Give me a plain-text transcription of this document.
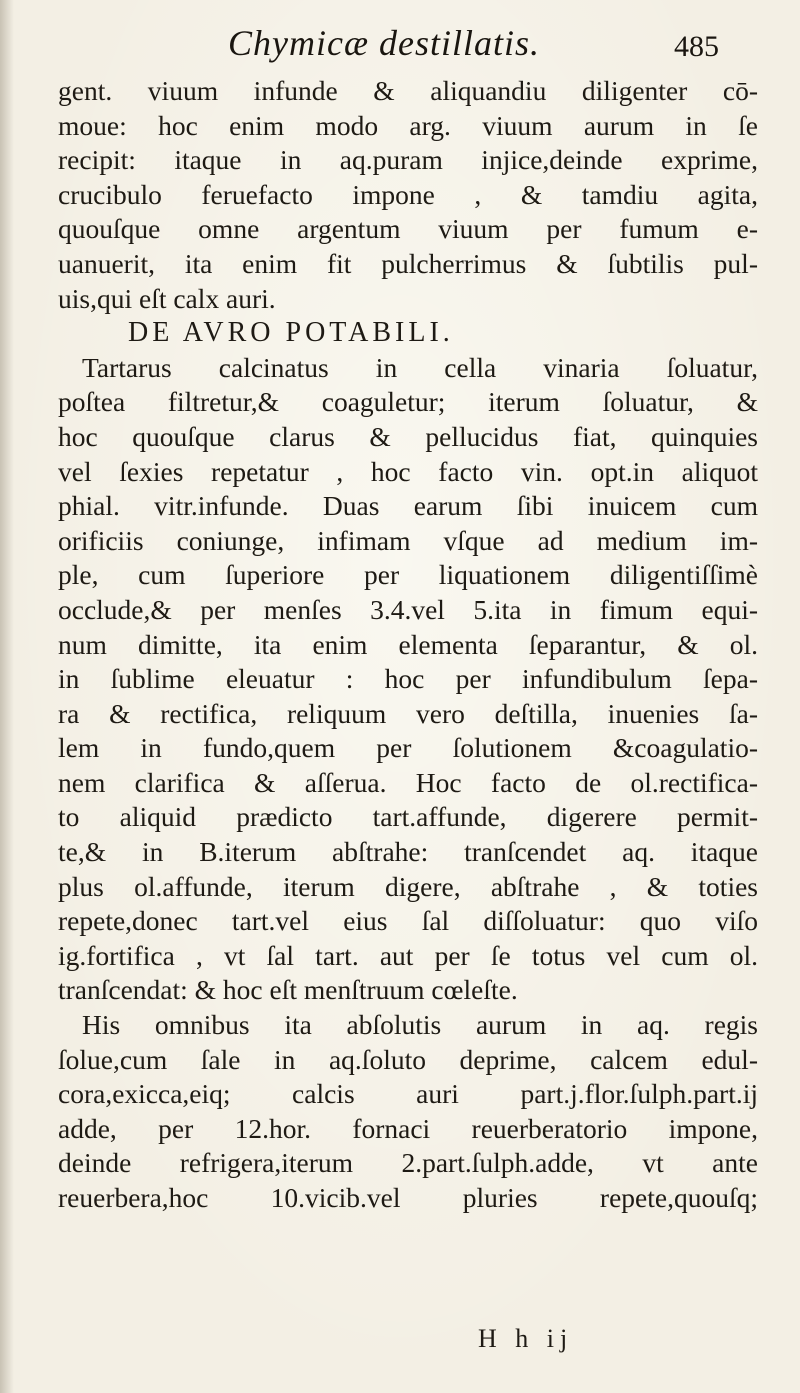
Chymicæ destillatis.	485
gent. viuum infunde & aliquandiu diligenter cō-
moue: hoc enim modo arg. viuum aurum in ſe
recipit: itaque in aq.puram injice,deinde exprime,
crucibulo feruefacto impone , & tamdiu agita,
quouſque omne argentum viuum per fumum e-
uanuerit, ita enim fit pulcherrimus & ſubtilis pul-
uis,qui eſt calx auri.
DE AVRO POTABILI.
Tartarus calcinatus in cella vinaria ſoluatur,
poſtea filtretur,& coaguletur; iterum ſoluatur, &
hoc quouſque clarus & pellucidus fiat, quinquies
vel ſexies repetatur , hoc facto vin. opt.in aliquot
phial. vitr.infunde. Duas earum ſibi inuicem cum
orificiis coniunge, infimam vſque ad medium im-
ple, cum ſuperiore per liquationem diligentiſſimè
occlude,& per menſes 3.4.vel 5.ita in fimum equi-
num dimitte, ita enim elementa ſeparantur, & ol.
in ſublime eleuatur : hoc per infundibulum ſepa-
ra & rectifica, reliquum vero deſtilla, inuenies ſa-
lem in fundo,quem per ſolutionem &coagulatio-
nem clarifica & aſſerua. Hoc facto de ol.rectifica-
to aliquid prædicto tart.affunde, digerere permit-
te,& in B.iterum abſtrahe: tranſcendet aq. itaque
plus ol.affunde, iterum digere, abſtrahe , & toties
repete,donec tart.vel eius ſal diſſoluatur: quo viſo
ig.fortifica , vt ſal tart. aut per ſe totus vel cum ol.
tranſcendat: & hoc eſt menſtruum cœleſte.
His omnibus ita abſolutis aurum in aq. regis
ſolue,cum ſale in aq.ſoluto deprime, calcem edul-
cora,exicca,eiq; calcis auri part.j.flor.ſulph.part.ij
adde, per 12.hor. fornaci reuerberatorio impone,
deinde refrigera,iterum 2.part.ſulph.adde, vt ante
reuerbera,hoc 10.vicib.vel pluries repete,quouſq;
H h ij
